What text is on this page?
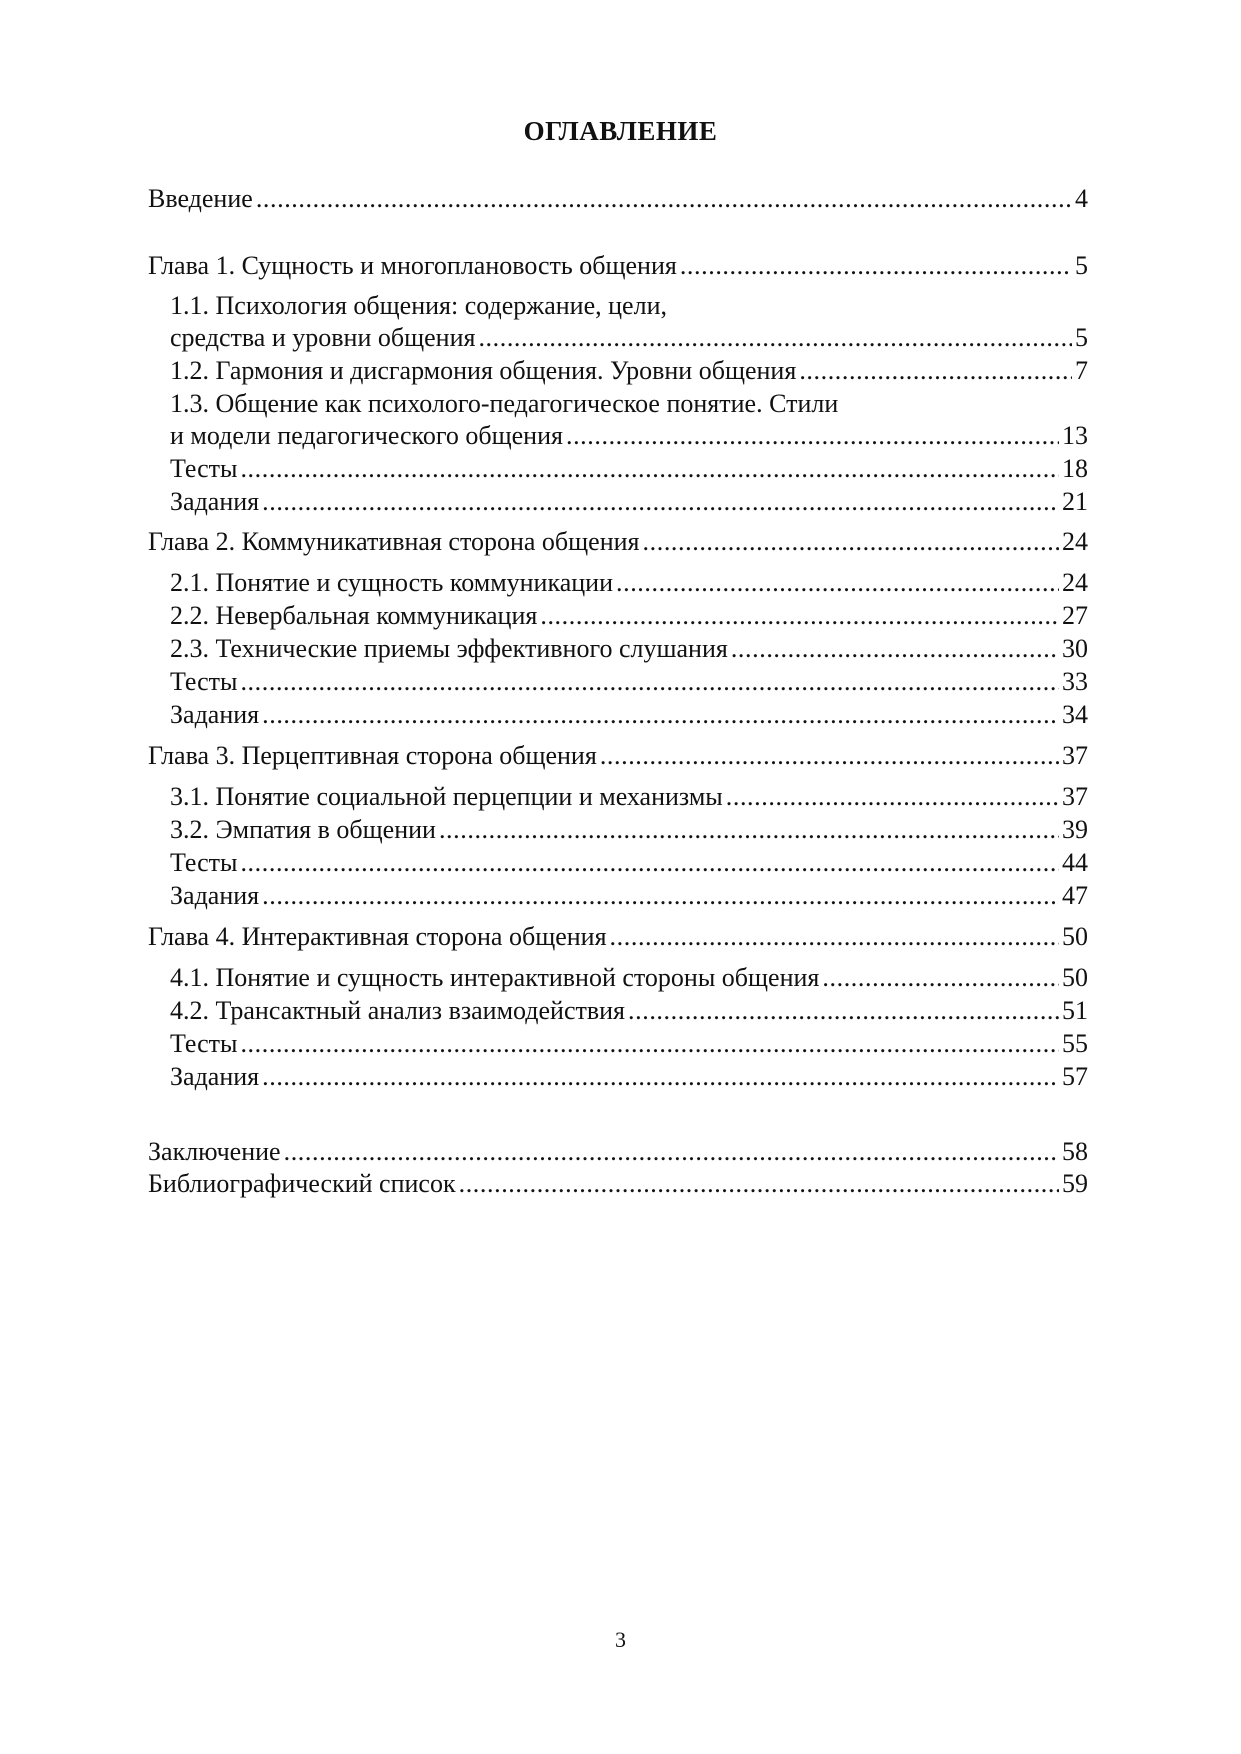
ОГЛАВЛЕНИЕ
Введение .....	4
Глава 1. Сущность и многоплановость общения .....	5
1.1. Психология общения: содержание, цели,
средства и уровни общения .....	5
1.2. Гармония и дисгармония общения. Уровни общения .....	7
1.3. Общение как психолого-педагогическое понятие. Стили
и модели педагогического общения .....	13
Тесты .....	18
Задания .....	21
Глава 2. Коммуникативная сторона общения .....	24
2.1. Понятие и сущность коммуникации .....	24
2.2. Невербальная коммуникация .....	27
2.3. Технические приемы эффективного слушания .....	30
Тесты .....	33
Задания .....	34
Глава 3. Перцептивная сторона общения .....	37
3.1. Понятие социальной перцепции и механизмы .....	37
3.2. Эмпатия в общении .....	39
Тесты .....	44
Задания .....	47
Глава 4. Интерактивная сторона общения .....	50
4.1. Понятие и сущность интерактивной стороны общения .....	50
4.2. Трансактный анализ взаимодействия .....	51
Тесты .....	55
Задания .....	57
Заключение .....	58
Библиографический список .....	59
3
